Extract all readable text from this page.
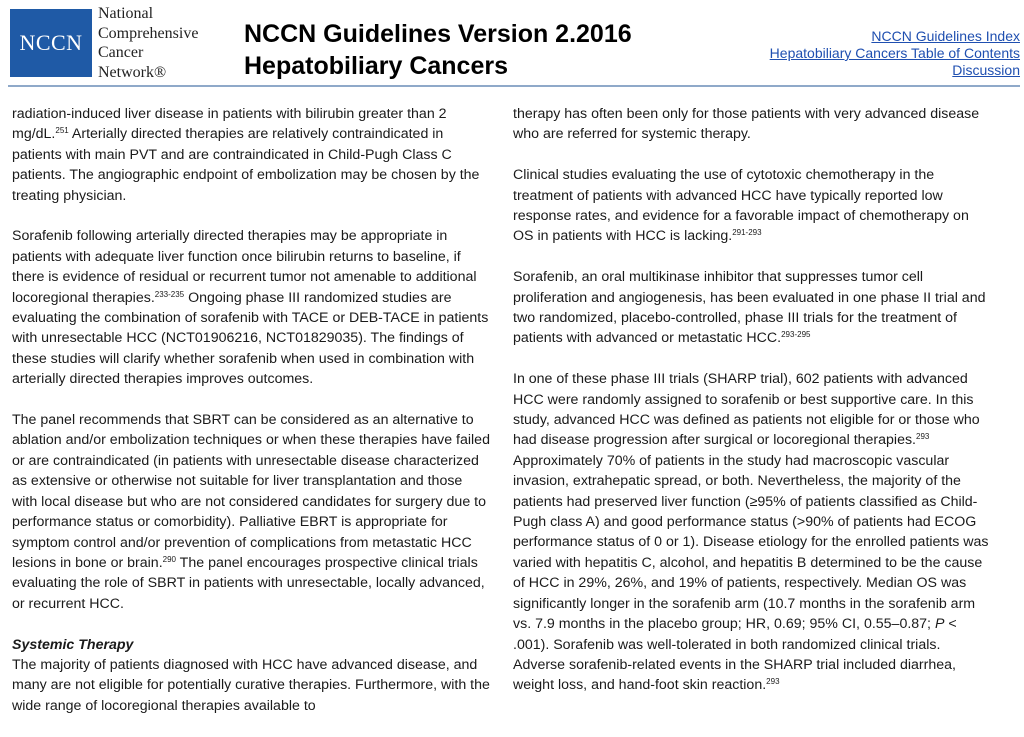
NCCN
National
Comprehensive
Cancer
Network®
NCCN Guidelines Version 2.2016
Hepatobiliary Cancers
NCCN Guidelines Index
Hepatobiliary Cancers Table of Contents
Discussion

radiation-induced liver disease in patients with bilirubin greater than 2 mg/dL.$^{251}$ Arterially directed therapies are relatively contraindicated in patients with main PVT and are contraindicated in Child-Pugh Class C patients. The angiographic endpoint of embolization may be chosen by the treating physician.

Sorafenib following arterially directed therapies may be appropriate in patients with adequate liver function once bilirubin returns to baseline, if there is evidence of residual or recurrent tumor not amenable to additional locoregional therapies.$^{233-235}$ Ongoing phase III randomized studies are evaluating the combination of sorafenib with TACE or DEB-TACE in patients with unresectable HCC (NCT01906216, NCT01829035). The findings of these studies will clarify whether sorafenib when used in combination with arterially directed therapies improves outcomes.

The panel recommends that SBRT can be considered as an alternative to ablation and/or embolization techniques or when these therapies have failed or are contraindicated (in patients with unresectable disease characterized as extensive or otherwise not suitable for liver transplantation and those with local disease but who are not considered candidates for surgery due to performance status or comorbidity). Palliative EBRT is appropriate for symptom control and/or prevention of complications from metastatic HCC lesions in bone or brain.$^{290}$ The panel encourages prospective clinical trials evaluating the role of SBRT in patients with unresectable, locally advanced, or recurrent HCC.

Systemic Therapy

The majority of patients diagnosed with HCC have advanced disease, and many are not eligible for potentially curative therapies. Furthermore, with the wide range of locoregional therapies available to

therapy has often been only for those patients with very advanced disease who are referred for systemic therapy.

Clinical studies evaluating the use of cytotoxic chemotherapy in the treatment of patients with advanced HCC have typically reported low response rates, and evidence for a favorable impact of chemotherapy on OS in patients with HCC is lacking.$^{291-293}$

Sorafenib, an oral multikinase inhibitor that suppresses tumor cell proliferation and angiogenesis, has been evaluated in one phase II trial and two randomized, placebo-controlled, phase III trials for the treatment of patients with advanced or metastatic HCC.$^{293-295}$

In one of these phase III trials (SHARP trial), 602 patients with advanced HCC were randomly assigned to sorafenib or best supportive care. In this study, advanced HCC was defined as patients not eligible for or those who had disease progression after surgical or locoregional therapies.$^{293}$ Approximately 70% of patients in the study had macroscopic vascular invasion, extrahepatic spread, or both. Nevertheless, the majority of the patients had preserved liver function (≥95% of patients classified as Child-Pugh class A) and good performance status (>90% of patients had ECOG performance status of 0 or 1). Disease etiology for the enrolled patients was varied with hepatitis C, alcohol, and hepatitis B determined to be the cause of HCC in 29%, 26%, and 19% of patients, respectively. Median OS was significantly longer in the sorafenib arm (10.7 months in the sorafenib arm vs. 7.9 months in the placebo group; HR, 0.69; 95% CI, 0.55–0.87; P < .001). Sorafenib was well-tolerated in both randomized clinical trials. Adverse sorafenib-related events in the SHARP trial included diarrhea, weight loss, and hand-foot skin reaction.$^{293}$
